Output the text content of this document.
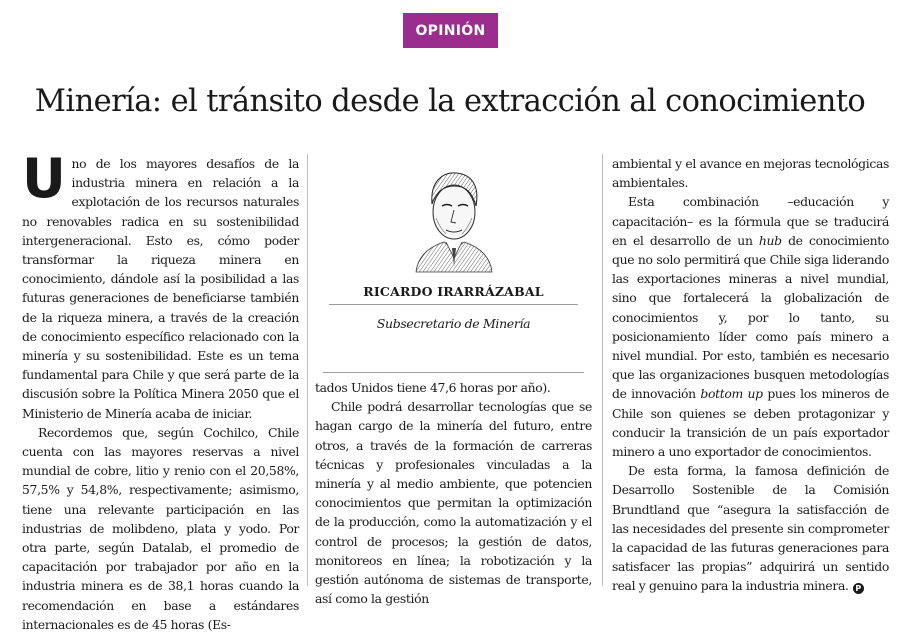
OPINIÓN
Minería: el tránsito desde la extracción al conocimiento

Uno de los mayores desafíos de la industria minera en relación a la explotación de los recursos naturales no renovables radica en su sostenibilidad intergeneracional. Esto es, cómo poder transformar la riqueza minera en conocimiento, dándole así la posibilidad a las futuras generaciones de beneficiarse también de la riqueza minera, a través de la creación de conocimiento específico relacionado con la minería y su sostenibilidad. Este es un tema fundamental para Chile y que será parte de la discusión sobre la Política Minera 2050 que el Ministerio de Minería acaba de iniciar.

Recordemos que, según Cochilco, Chile cuenta con las mayores reservas a nivel mundial de cobre, litio y renio con el 20,58%, 57,5% y 54,8%, respectivamente; asimismo, tiene una relevante participación en las industrias de molibdeno, plata y yodo. Por otra parte, según Datalab, el promedio de capacitación por trabajador por año en la industria minera es de 38,1 horas cuando la recomendación en base a estándares internacionales es de 45 horas (Es-

RICARDO IRARRÁZABAL
Subsecretario de Minería

tados Unidos tiene 47,6 horas por año).

Chile podrá desarrollar tecnologías que se hagan cargo de la minería del futuro, entre otros, a través de la formación de carreras técnicas y profesionales vinculadas a la minería y al medio ambiente, que potencien conocimientos que permitan la optimización de la producción, como la automatización y el control de procesos; la gestión de datos, monitoreos en línea; la robotización y la gestión autónoma de sistemas de transporte, así como la gestión

ambiental y el avance en mejoras tecnológicas ambientales.

Esta combinación –educación y capacitación– es la fórmula que se traducirá en el desarrollo de un hub de conocimiento que no solo permitirá que Chile siga liderando las exportaciones mineras a nivel mundial, sino que fortalecerá la globalización de conocimientos y, por lo tanto, su posicionamiento líder como país minero a nivel mundial. Por esto, también es necesario que las organizaciones busquen metodologías de innovación bottom up pues los mineros de Chile son quienes se deben protagonizar y conducir la transición de un país exportador minero a uno exportador de conocimientos.

De esta forma, la famosa definición de Desarrollo Sostenible de la Comisión Brundtland que “asegura la satisfacción de las necesidades del presente sin comprometer la capacidad de las futuras generaciones para satisfacer las propias” adquirirá un sentido real y genuino para la industria minera. P
